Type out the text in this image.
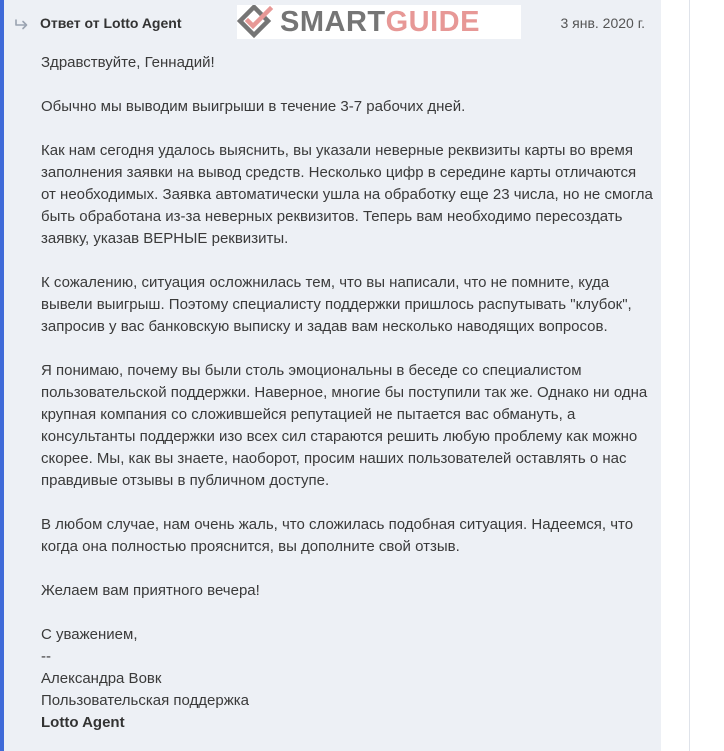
Ответ от Lotto Agent	SMARTGUIDE	3 янв. 2020 г.

Здравствуйте, Геннадий!

Обычно мы выводим выигрыши в течение 3-7 рабочих дней.

Как нам сегодня удалось выяснить, вы указали неверные реквизиты карты во время заполнения заявки на вывод средств. Несколько цифр в середине карты отличаются от необходимых. Заявка автоматически ушла на обработку еще 23 числа, но не смогла быть обработана из-за неверных реквизитов. Теперь вам необходимо пересоздать заявку, указав ВЕРНЫЕ реквизиты.

К сожалению, ситуация осложнилась тем, что вы написали, что не помните, куда вывели выигрыш. Поэтому специалисту поддержки пришлось распутывать "клубок", запросив у вас банковскую выписку и задав вам несколько наводящих вопросов.

Я понимаю, почему вы были столь эмоциональны в беседе со специалистом пользовательской поддержки. Наверное, многие бы поступили так же. Однако ни одна крупная компания со сложившейся репутацией не пытается вас обмануть, а консультанты поддержки изо всех сил стараются решить любую проблему как можно скорее. Мы, как вы знаете, наоборот, просим наших пользователей оставлять о нас правдивые отзывы в публичном доступе.

В любом случае, нам очень жаль, что сложилась подобная ситуация. Надеемся, что когда она полностью прояснится, вы дополните свой отзыв.

Желаем вам приятного вечера!

С уважением,
--
Александра Вовк
Пользовательская поддержка
Lotto Agent
